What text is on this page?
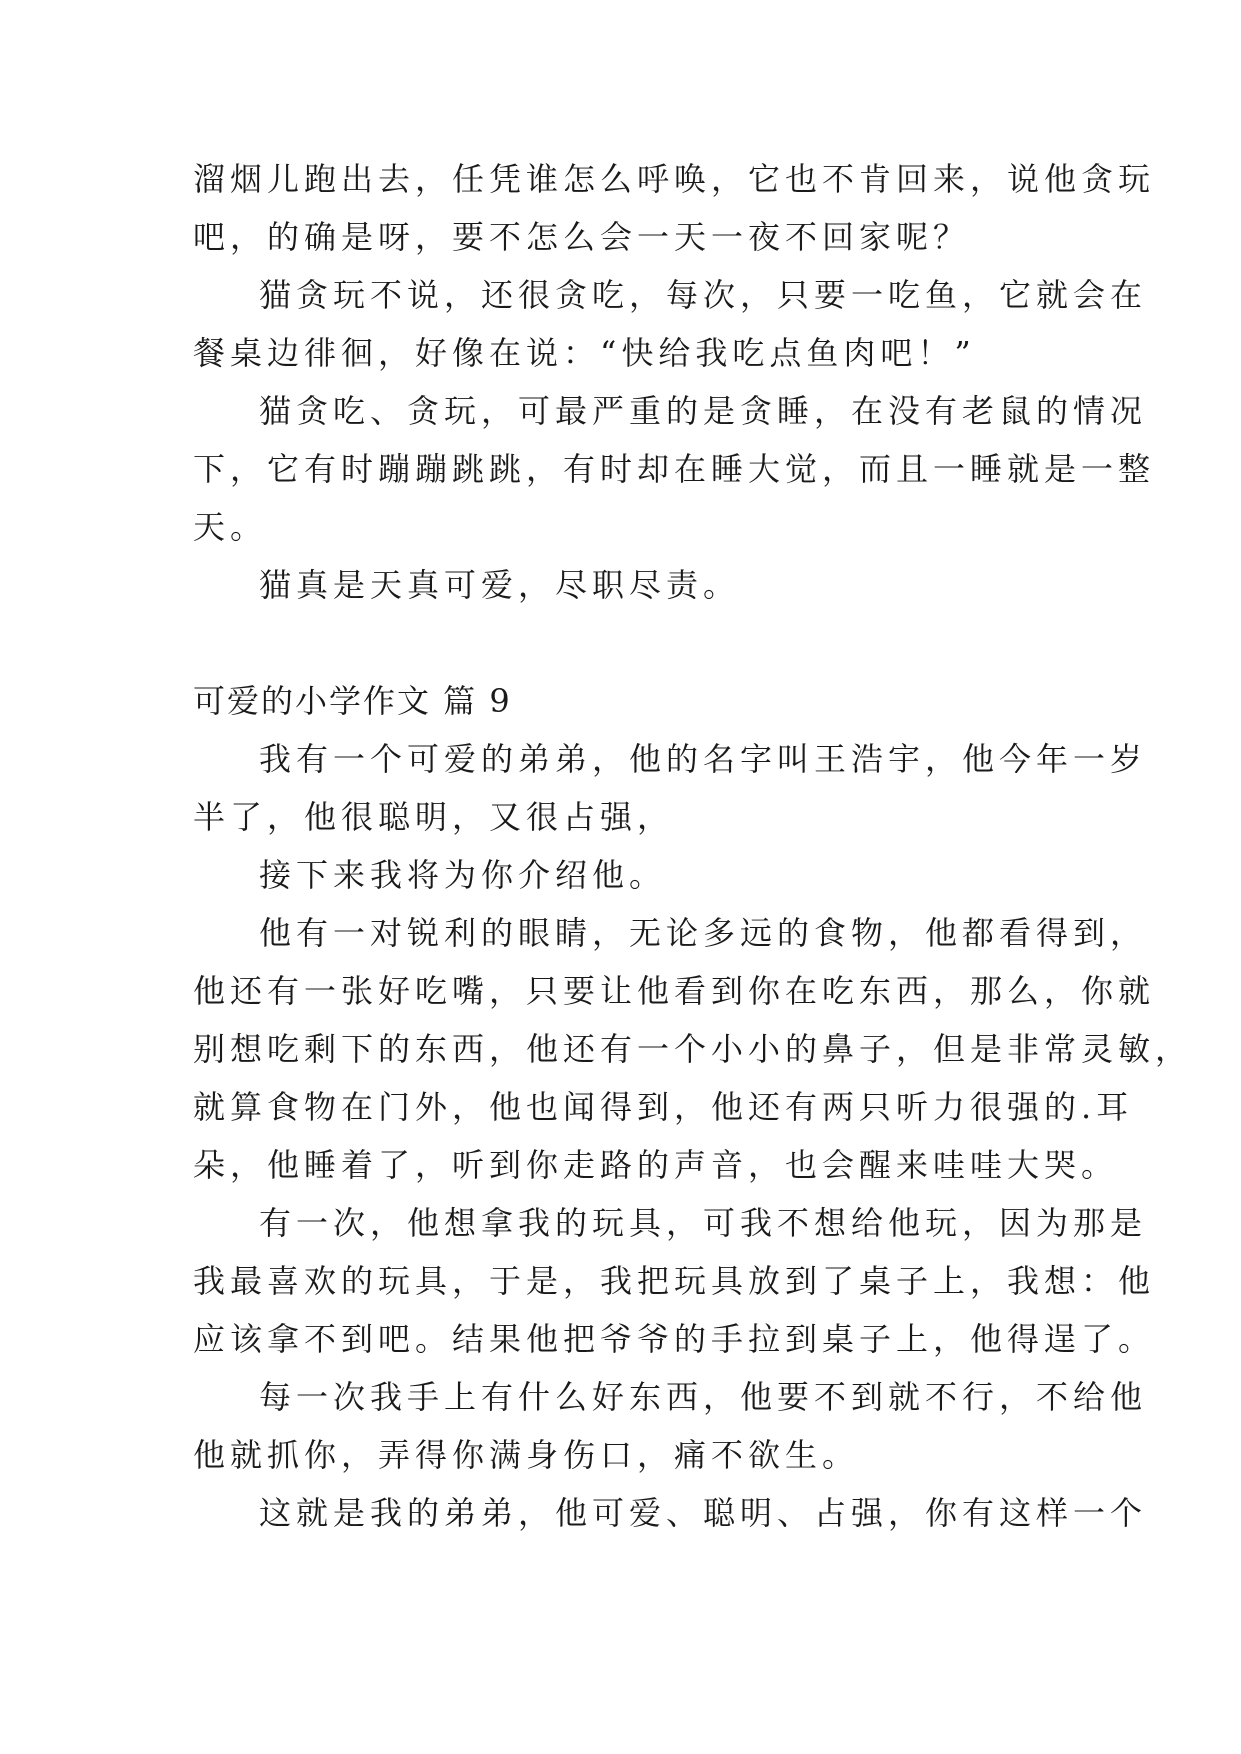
溜烟儿跑出去，任凭谁怎么呼唤，它也不肯回来，说他贪玩
吧，的确是呀，要不怎么会一天一夜不回家呢？
猫贪玩不说，还很贪吃，每次，只要一吃鱼，它就会在
餐桌边徘徊，好像在说：“快给我吃点鱼肉吧！”
猫贪吃、贪玩，可最严重的是贪睡，在没有老鼠的情况
下，它有时蹦蹦跳跳，有时却在睡大觉，而且一睡就是一整
天。
猫真是天真可爱，尽职尽责。
可爱的小学作文 篇 9
我有一个可爱的弟弟，他的名字叫王浩宇，他今年一岁
半了，他很聪明，又很占强，
接下来我将为你介绍他。
他有一对锐利的眼睛，无论多远的食物，他都看得到，
他还有一张好吃嘴，只要让他看到你在吃东西，那么，你就
别想吃剩下的东西，他还有一个小小的鼻子，但是非常灵敏，
就算食物在门外，他也闻得到，他还有两只听力很强的.耳
朵，他睡着了，听到你走路的声音，也会醒来哇哇大哭。
有一次，他想拿我的玩具，可我不想给他玩，因为那是
我最喜欢的玩具，于是，我把玩具放到了桌子上，我想：他
应该拿不到吧。结果他把爷爷的手拉到桌子上，他得逞了。
每一次我手上有什么好东西，他要不到就不行，不给他
他就抓你，弄得你满身伤口，痛不欲生。
这就是我的弟弟，他可爱、聪明、占强，你有这样一个
